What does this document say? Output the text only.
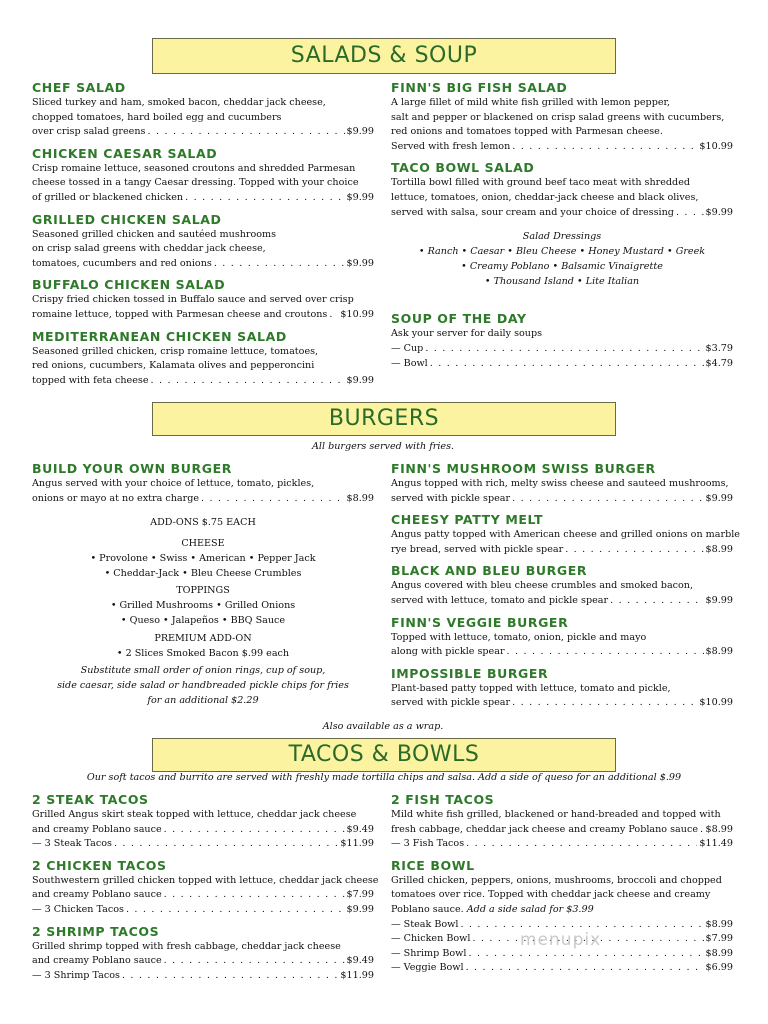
SALADS & SOUP
CHEF SALAD
Sliced turkey and ham, smoked bacon, cheddar jack cheese,
chopped tomatoes, hard boiled egg and cucumbers
over crisp salad greens . . .	$9.99
CHICKEN CAESAR SALAD
Crisp romaine lettuce, seasoned croutons and shredded Parmesan
cheese tossed in a tangy Caesar dressing. Topped with your choice
of grilled or blackened chicken . . .	$9.99
GRILLED CHICKEN SALAD
Seasoned grilled chicken and sautéed mushrooms
on crisp salad greens with cheddar jack cheese,
tomatoes, cucumbers and red onions . . .	$9.99
BUFFALO CHICKEN SALAD
Crispy fried chicken tossed in Buffalo sauce and served over crisp
romaine lettuce, topped with Parmesan cheese and croutons . . . $10.99
MEDITERRANEAN CHICKEN SALAD
Seasoned grilled chicken, crisp romaine lettuce, tomatoes,
red onions, cucumbers, Kalamata olives and pepperoncini
topped with feta cheese . . .	$9.99
FINN'S BIG FISH SALAD
A large fillet of mild white fish grilled with lemon pepper,
salt and pepper or blackened on crisp salad greens with cucumbers,
red onions and tomatoes topped with Parmesan cheese.
Served with fresh lemon . . .	$10.99
TACO BOWL SALAD
Tortilla bowl filled with ground beef taco meat with shredded
lettuce, tomatoes, onion, cheddar-jack cheese and black olives,
served with salsa, sour cream and your choice of dressing . . .	$9.99
Salad Dressings
• Ranch • Caesar • Bleu Cheese • Honey Mustard • Greek
• Creamy Poblano • Balsamic Vinaigrette
• Thousand Island • Lite Italian
SOUP OF THE DAY
Ask your server for daily soups
— Cup . . .	$3.79
— Bowl . . .	$4.79
BURGERS
All burgers served with fries.
BUILD YOUR OWN BURGER
Angus served with your choice of lettuce, tomato, pickles,
onions or mayo at no extra charge . . .	$8.99
ADD-ONS $.75 EACH
CHEESE
• Provolone • Swiss • American • Pepper Jack
• Cheddar-Jack • Bleu Cheese Crumbles
TOPPINGS
• Grilled Mushrooms • Grilled Onions
• Queso • Jalapeños • BBQ Sauce
PREMIUM ADD-ON
• 2 Slices Smoked Bacon $.99 each
Substitute small order of onion rings, cup of soup,
side caesar, side salad or handbreaded pickle chips for fries
for an additional $2.29
FINN'S MUSHROOM SWISS BURGER
Angus topped with rich, melty swiss cheese and sauteed mushrooms,
served with pickle spear . . .	$9.99
CHEESY PATTY MELT
Angus patty topped with American cheese and grilled onions on marble
rye bread, served with pickle spear . . .	$8.99
BLACK AND BLEU BURGER
Angus covered with bleu cheese crumbles and smoked bacon,
served with lettuce, tomato and pickle spear . . .	$9.99
FINN'S VEGGIE BURGER
Topped with lettuce, tomato, onion, pickle and mayo
along with pickle spear . . .	$8.99
IMPOSSIBLE BURGER
Plant-based patty topped with lettuce, tomato and pickle,
served with pickle spear . . .	$10.99
Also available as a wrap.
TACOS & BOWLS
Our soft tacos and burrito are served with freshly made tortilla chips and salsa. Add a side of queso for an additional $.99
2 STEAK TACOS
Grilled Angus skirt steak topped with lettuce, cheddar jack cheese
and creamy Poblano sauce . . .	$9.49
— 3 Steak Tacos . . .	$11.99
2 CHICKEN TACOS
Southwestern grilled chicken topped with lettuce, cheddar jack cheese
and creamy Poblano sauce . . .	$7.99
— 3 Chicken Tacos . . .	$9.99
2 SHRIMP TACOS
Grilled shrimp topped with fresh cabbage, cheddar jack cheese
and creamy Poblano sauce . . .	$9.49
— 3 Shrimp Tacos . . .	$11.99
2 FISH TACOS
Mild white fish grilled, blackened or hand-breaded and topped with
fresh cabbage, cheddar jack cheese and creamy Poblano sauce . . . $8.99
— 3 Fish Tacos . . .	$11.49
RICE BOWL
Grilled chicken, peppers, onions, mushrooms, broccoli and chopped
tomatoes over rice. Topped with cheddar jack cheese and creamy
Poblano sauce. Add a side salad for $3.99
— Steak Bowl . . .	$8.99
— Chicken Bowl . . .	$7.99
— Shrimp Bowl . . .	$8.99
— Veggie Bowl . . .	$6.99
menupix
